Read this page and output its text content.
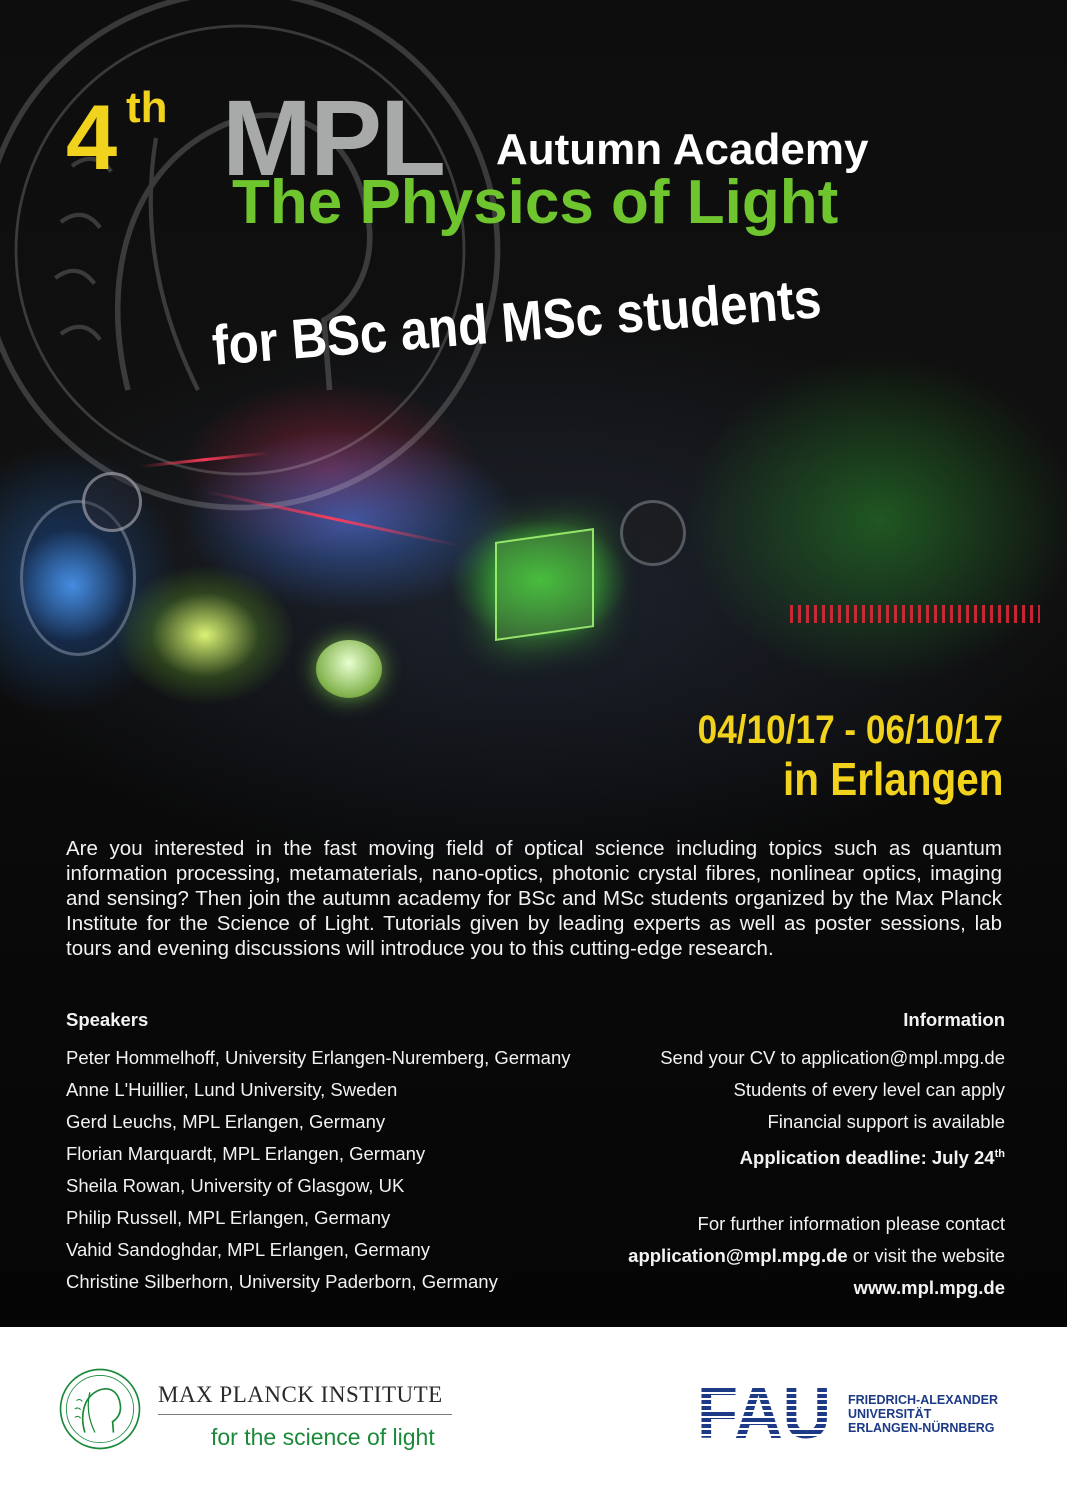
4 th MPL Autumn Academy
The Physics of Light
for BSc and MSc students
04/10/17 - 06/10/17
in Erlangen
Are you interested in the fast moving field of optical science including topics such as quantum information processing, metamaterials, nano-optics, photonic crystal fibres, nonlinear optics, imaging and sensing? Then join the autumn academy for BSc and MSc students organized by the Max Planck Institute for the Science of Light. Tutorials given by leading experts as well as poster sessions, lab tours and evening discussions will introduce you to this cutting-edge research.
Speakers
Peter Hommelhoff, University Erlangen-Nuremberg, Germany
Anne L'Huillier, Lund University, Sweden
Gerd Leuchs, MPL Erlangen, Germany
Florian Marquardt, MPL Erlangen, Germany
Sheila Rowan, University of Glasgow, UK
Philip Russell, MPL Erlangen, Germany
Vahid Sandoghdar, MPL Erlangen, Germany
Christine Silberhorn, University Paderborn, Germany
Information
Send your CV to application@mpl.mpg.de
Students of every level can apply
Financial support is available
Application deadline: July 24th
For further information please contact
application@mpl.mpg.de or visit the website
www.mpl.mpg.de
MAX PLANCK INSTITUTE
for the science of light	FAU FRIEDRICH-ALEXANDER
UNIVERSITÄT
ERLANGEN-NÜRNBERG
